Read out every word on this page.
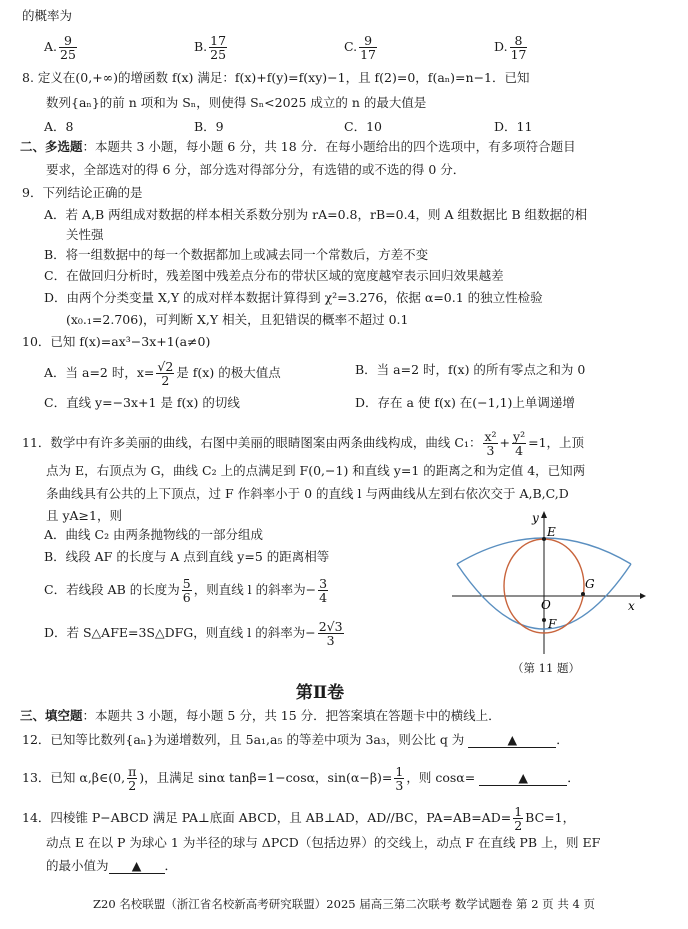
的概率为
A. $\frac{9}{25}$	B. $\frac{17}{25}$	C. $\frac{9}{17}$	D. $\frac{8}{17}$
8. 定义在(0,+∞)的增函数 f(x) 满足：f(x)+f(y)=f(xy)−1，且 f(2)=0，f(aₙ)=n−1．已知
数列{aₙ}的前 n 项和为 Sₙ，则使得 Sₙ<2025 成立的 n 的最大值是
A．8	B．9	C．10	D．11
二、多选题：本题共 3 小题，每小题 6 分，共 18 分．在每小题给出的四个选项中，有多项符合题目
要求，全部选对的得 6 分，部分选对得部分分，有选错的或不选的得 0 分．
9．下列结论正确的是
A．若 A,B 两组成对数据的样本相关系数分别为 rA=0.8，rB=0.4，则 A 组数据比 B 组数据的相
关性强
B．将一组数据中的每一个数据都加上或减去同一个常数后，方差不变
C．在做回归分析时，残差图中残差点分布的带状区域的宽度越窄表示回归效果越差
D．由两个分类变量 X,Y 的成对样本数据计算得到 χ²=3.276，依据 α=0.1 的独立性检验
(x₀.₁=2.706)，可判断 X,Y 相关，且犯错误的概率不超过 0.1
10．已知 f(x)=ax³−3x+1(a≠0)
A．当 a=2 时，$x= \frac{√2}{2}$ 是 f(x) 的极大值点	B．当 a=2 时，f(x) 的所有零点之和为 0
C．直线 y=−3x+1 是 f(x) 的切线	D．存在 a 使 f(x) 在(−1,1)上单调递增
11．数学中有许多美丽的曲线，右图中美丽的眼睛图案由两条曲线构成，曲线 C₁： $\frac{\text{x²}}{3} + \frac{\text{y²}}{4} =1$，上顶
点为 E，右顶点为 G，曲线 C₂ 上的点满足到 F(0,−1) 和直线 y=1 的距离之和为定值 4，已知两
条曲线具有公共的上下顶点，过 F 作斜率小于 0 的直线 l 与两曲线从左到右依次交于 A,B,C,D
且 yA≥1，则
A．曲线 C₂ 由两条抛物线的一部分组成
B．线段 AF 的长度与 A 点到直线 y=5 的距离相等
C．若线段 AB 的长度为 $\frac{5}{6}$ ，则直线 l 的斜率为− $\frac{3}{4}$
D．若 S△AFE=3S△DFG，则直线 l 的斜率为− $\frac{2√3}{3}$
y
x
E
G
O
F
（第 11 题）
第Ⅱ卷
三、填空题：本题共 3 小题，每小题 5 分，共 15 分．把答案填在答题卡中的横线上．
12．已知等比数列{aₙ}为递增数列，且 5a₁,a₅ 的等差中项为 3a₃，则公比 q 为	▲	．
13．已知 α,β∈(0, $\frac{\pi}{2}$ )，且满足 sinα tanβ=1−cosα，$\sin(\alpha-\beta)= \frac{1}{3}$ ，则 cosα=	▲	．
14．四棱锥 P−ABCD 满足 PA⊥底面 ABCD，且 AB⊥AD，AD//BC，$PA=AB=AD= \frac{1}{2} BC=1$，
动点 E 在以 P 为球心 1 为半径的球与 ΔPCD（包括边界）的交线上，动点 F 在直线 PB 上，则 EF
的最小值为 ▲ ．
Z20 名校联盟（浙江省名校新高考研究联盟）2025 届高三第二次联考 数学试题卷 第 2 页 共 4 页
